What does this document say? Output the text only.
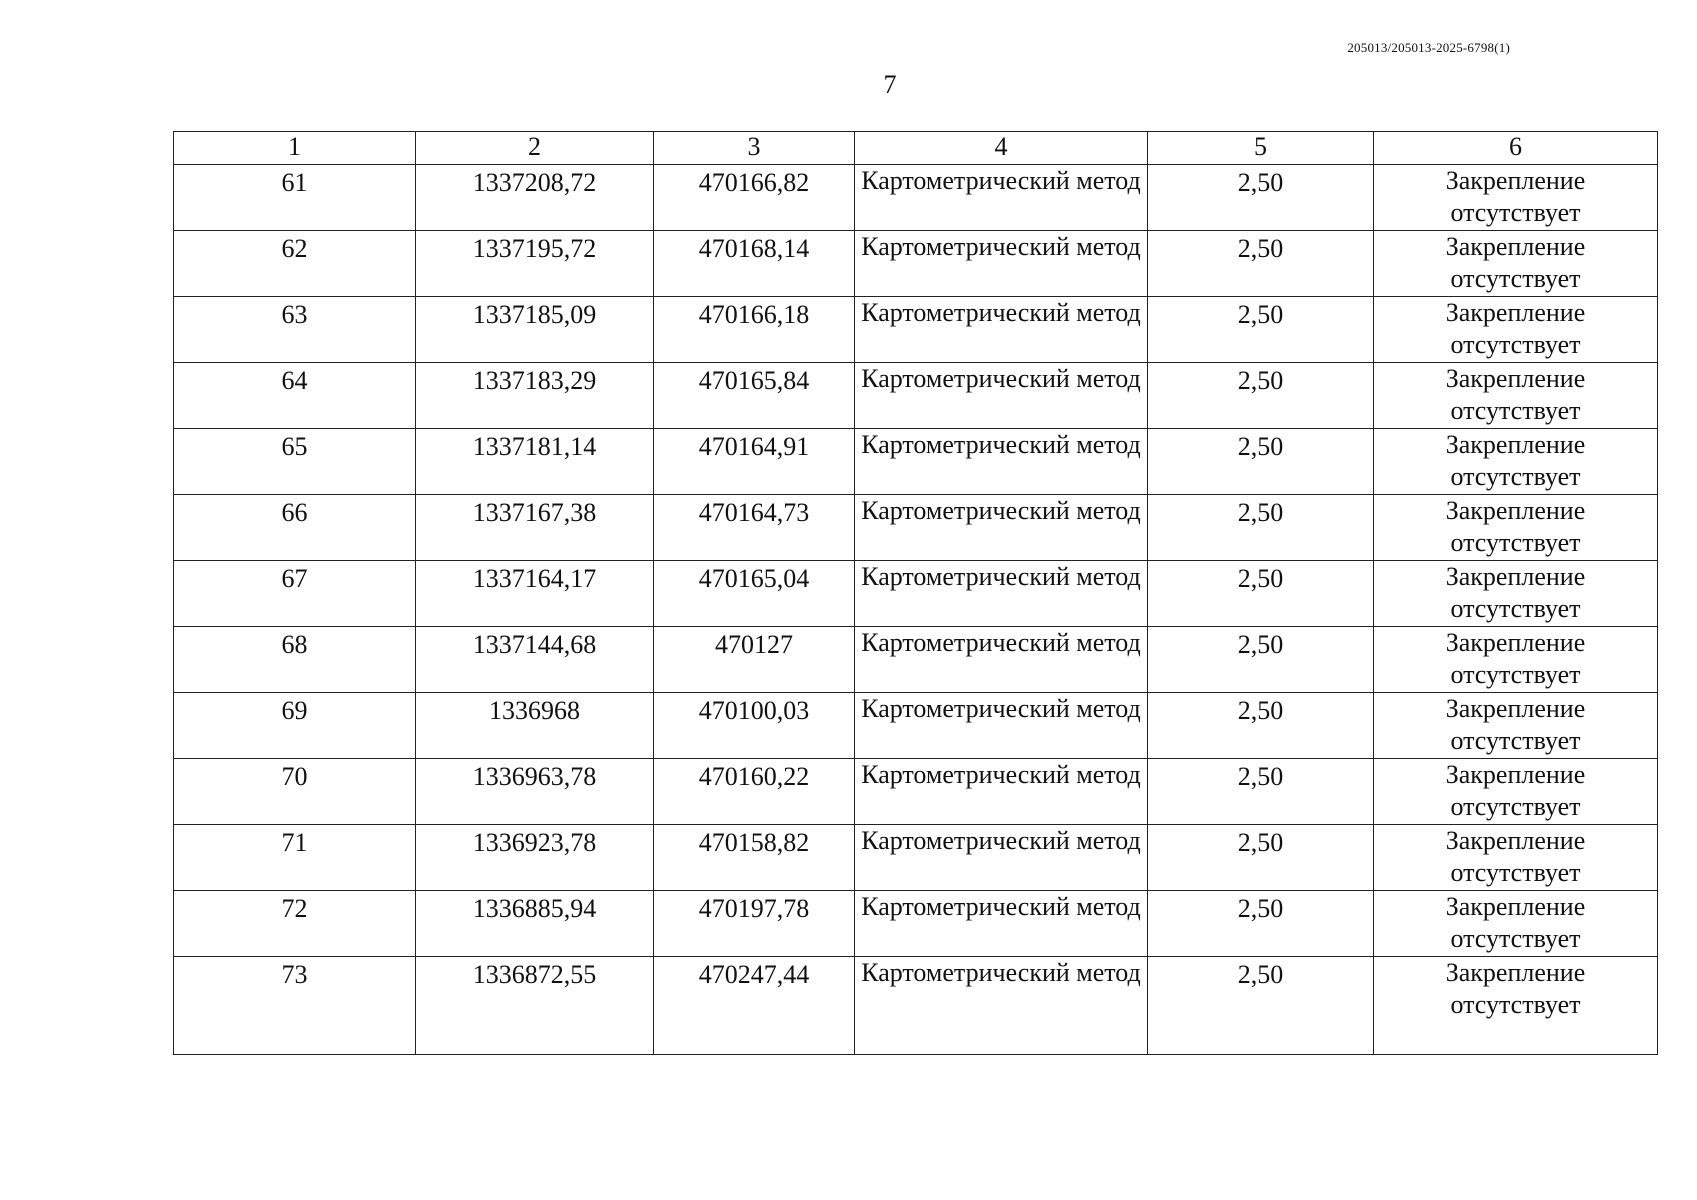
205013/205013-2025-6798(1)
7
1	2	3	4	5	6
61	1337208,72	470166,82	Картометрический метод	2,50	Закрепление отсутствует
62	1337195,72	470168,14	Картометрический метод	2,50	Закрепление отсутствует
63	1337185,09	470166,18	Картометрический метод	2,50	Закрепление отсутствует
64	1337183,29	470165,84	Картометрический метод	2,50	Закрепление отсутствует
65	1337181,14	470164,91	Картометрический метод	2,50	Закрепление отсутствует
66	1337167,38	470164,73	Картометрический метод	2,50	Закрепление отсутствует
67	1337164,17	470165,04	Картометрический метод	2,50	Закрепление отсутствует
68	1337144,68	470127	Картометрический метод	2,50	Закрепление отсутствует
69	1336968	470100,03	Картометрический метод	2,50	Закрепление отсутствует
70	1336963,78	470160,22	Картометрический метод	2,50	Закрепление отсутствует
71	1336923,78	470158,82	Картометрический метод	2,50	Закрепление отсутствует
72	1336885,94	470197,78	Картометрический метод	2,50	Закрепление отсутствует
73	1336872,55	470247,44	Картометрический метод	2,50	Закрепление отсутствует
